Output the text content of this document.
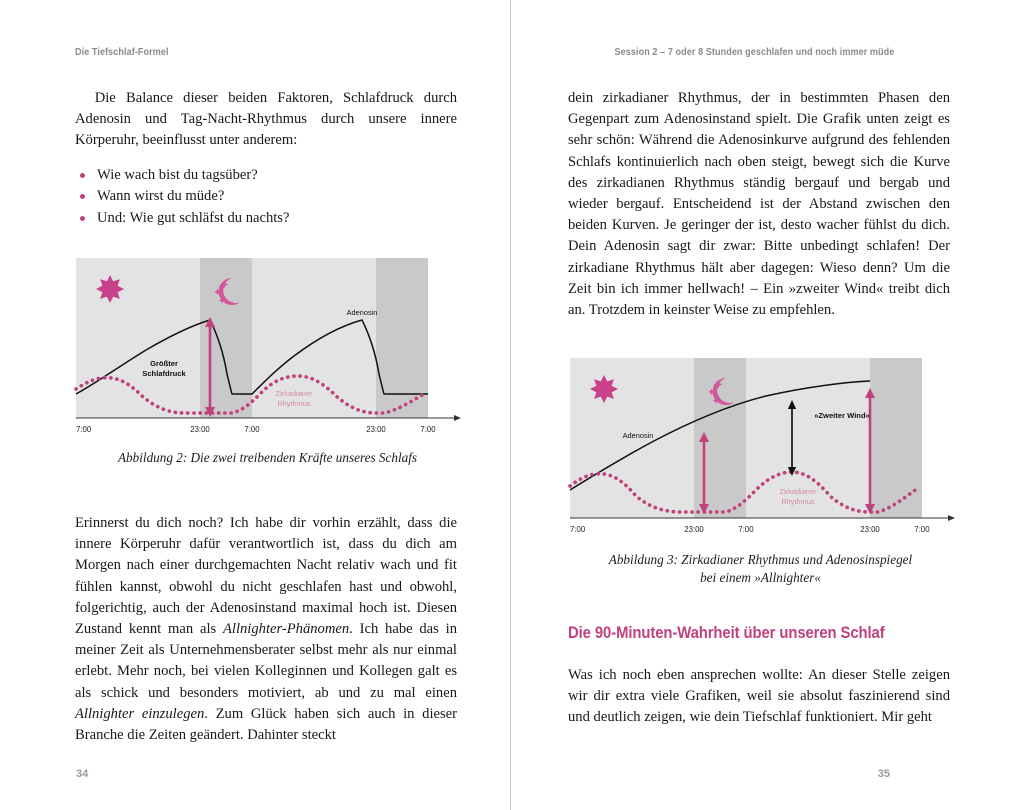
Die Tiefschlaf-Formel

Die Balance dieser beiden Faktoren, Schlafdruck durch Adenosin und Tag-Nacht-Rhythmus durch unsere innere Körperuhr, beeinflusst unter anderem:

Wie wach bist du tagsüber?
Wann wirst du müde?
Und: Wie gut schläfst du nachts?
Größter
Schlafdruck
Adenosin
Zirkadianer
Rhythmus
7:00	23:00	7:00	23:00	7:00
Abbildung 2: Die zwei treibenden Kräfte unseres Schlafs

Erinnerst du dich noch? Ich habe dir vorhin erzählt, dass die innere Körperuhr dafür verantwortlich ist, dass du dich am Morgen nach einer durchgemachten Nacht relativ wach und fit fühlen kannst, obwohl du nicht geschlafen hast und obwohl, folgerichtig, auch der Adenosinstand maximal hoch ist. Diesen Zustand kennt man als Allnighter-Phänomen. Ich habe das in meiner Zeit als Unternehmensberater selbst mehr als nur einmal erlebt. Mehr noch, bei vielen Kolleginnen und Kollegen galt es als schick und besonders motiviert, ab und zu mal einen Allnighter einzulegen. Zum Glück haben sich auch in dieser Branche die Zeiten geändert. Dahinter steckt

34
Session 2 – 7 oder 8 Stunden geschlafen und noch immer müde

dein zirkadianer Rhythmus, der in bestimmten Phasen den Gegenpart zum Adenosinstand spielt. Die Grafik unten zeigt es sehr schön: Während die Adenosinkurve aufgrund des fehlenden Schlafs kontinuierlich nach oben steigt, bewegt sich die Kurve des zirkadianen Rhythmus ständig bergauf und bergab und wieder bergauf. Entscheidend ist der Abstand zwischen den beiden Kurven. Je geringer der ist, desto wacher fühlst du dich. Dein Adenosin sagt dir zwar: Bitte unbedingt schlafen! Der zirkadiane Rhythmus hält aber dagegen: Wieso denn? Um die Zeit bin ich immer hellwach! – Ein »zweiter Wind« treibt dich an. Trotzdem in keinster Weise zu empfehlen.

»Zweiter Wind«
Adenosin
Zirkadianer
Rhythmus
7:00	23:00	7:00	23:00	7:00
Abbildung 3: Zirkadianer Rhythmus und Adenosinspiegel
bei einem »Allnighter«
Die 90-Minuten-Wahrheit über unseren Schlaf

Was ich noch eben ansprechen wollte: An dieser Stelle zeigen wir dir extra viele Grafiken, weil sie absolut faszinierend sind und deutlich zeigen, wie dein Tiefschlaf funktioniert. Mir geht

35
